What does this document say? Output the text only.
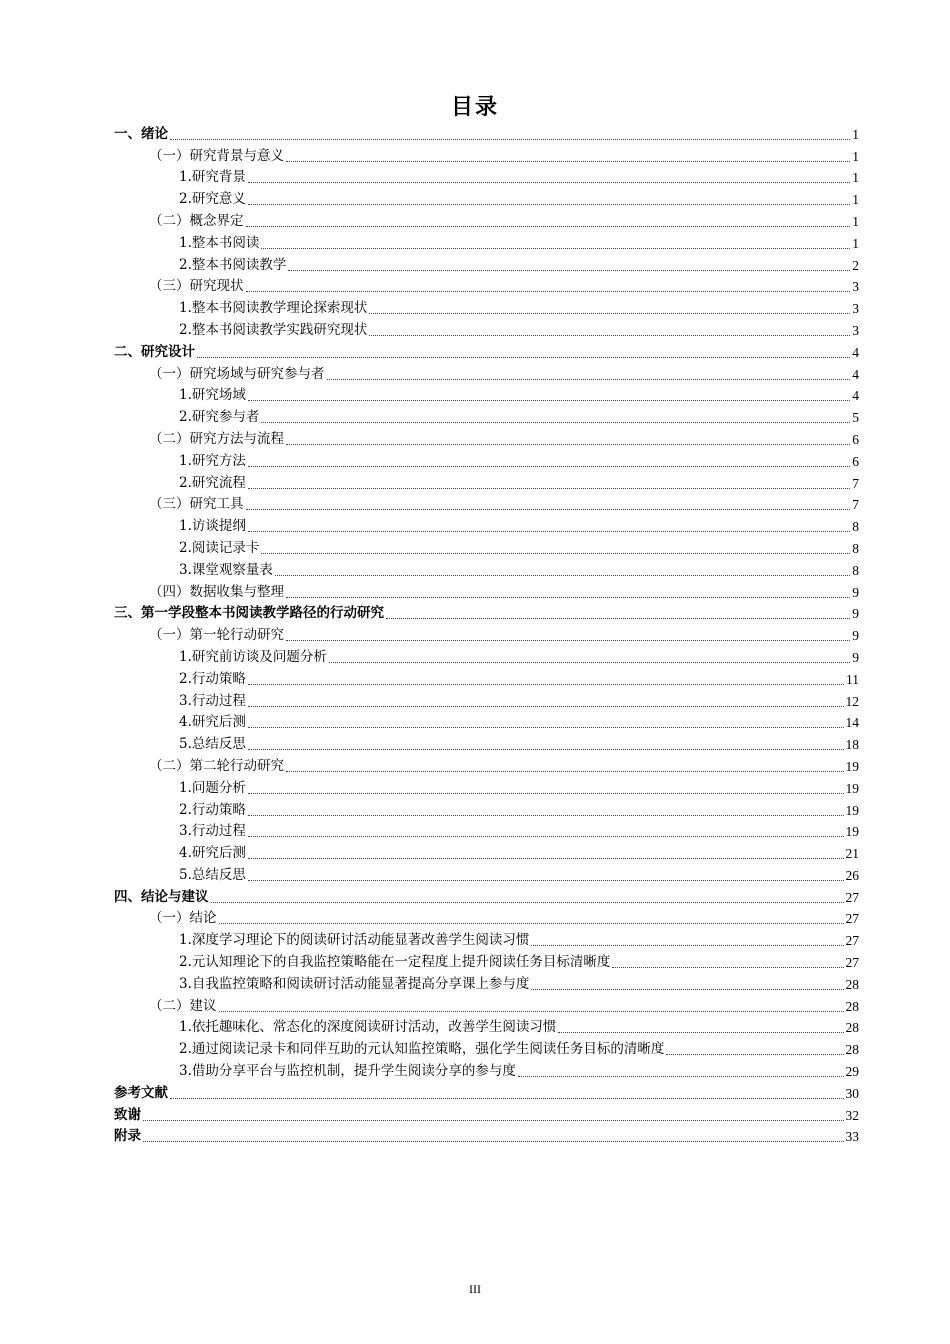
目录
一、绪论	1
（一）研究背景与意义	1
1.研究背景	1
2.研究意义	1
（二）概念界定	1
1.整本书阅读	1
2.整本书阅读教学	2
（三）研究现状	3
1.整本书阅读教学理论探索现状	3
2.整本书阅读教学实践研究现状	3
二、研究设计	4
（一）研究场域与研究参与者	4
1.研究场域	4
2.研究参与者	5
（二）研究方法与流程	6
1.研究方法	6
2.研究流程	7
（三）研究工具	7
1.访谈提纲	8
2.阅读记录卡	8
3.课堂观察量表	8
（四）数据收集与整理	9
三、第一学段整本书阅读教学路径的行动研究	9
（一）第一轮行动研究	9
1.研究前访谈及问题分析	9
2.行动策略	11
3.行动过程	12
4.研究后测	14
5.总结反思	18
（二）第二轮行动研究	19
1.问题分析	19
2.行动策略	19
3.行动过程	19
4.研究后测	21
5.总结反思	26
四、结论与建议	27
（一）结论	27
1.深度学习理论下的阅读研讨活动能显著改善学生阅读习惯	27
2.元认知理论下的自我监控策略能在一定程度上提升阅读任务目标清晰度	27
3.自我监控策略和阅读研讨活动能显著提高分享课上参与度	28
（二）建议	28
1.依托趣味化、常态化的深度阅读研讨活动，改善学生阅读习惯	28
2.通过阅读记录卡和同伴互助的元认知监控策略，强化学生阅读任务目标的清晰度	28
3.借助分享平台与监控机制，提升学生阅读分享的参与度	29
参考文献	30
致谢	32
附录	33
III
